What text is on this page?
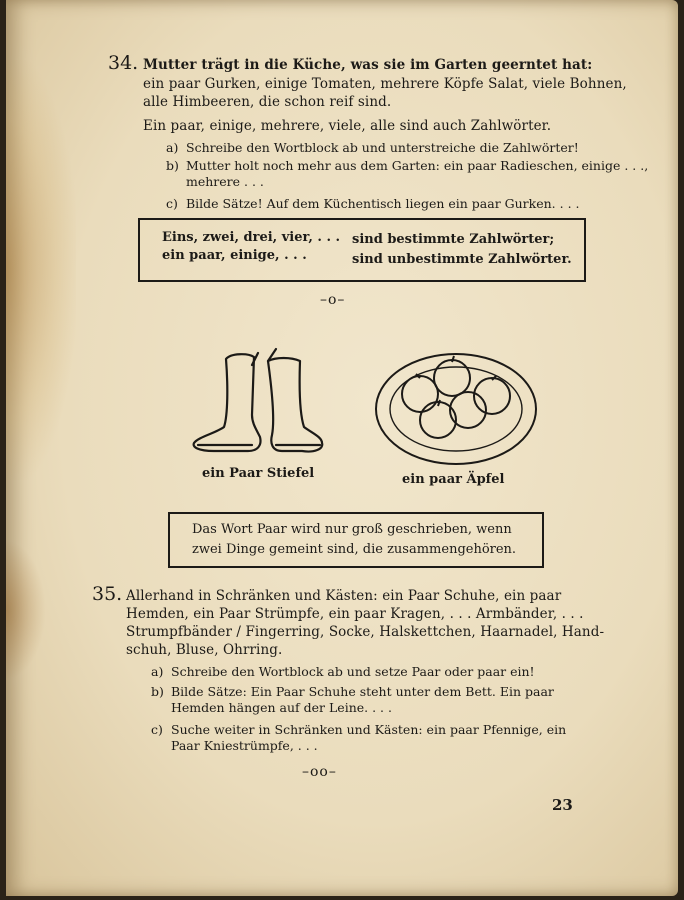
34. Mutter trägt in die Küche, was sie im Garten geerntet hat:
ein paar Gurken, einige Tomaten, mehrere Köpfe Salat, viele Bohnen,
alle Himbeeren, die schon reif sind.
Ein paar, einige, mehrere, viele, alle sind auch Zahlwörter.
a) Schreibe den Wortblock ab und unterstreiche die Zahlwörter!
b) Mutter holt noch mehr aus dem Garten: ein paar Radieschen, einige . . .,
mehrere . . .
c) Bilde Sätze! Auf dem Küchentisch liegen ein paar Gurken. . . .
Eins, zwei, drei, vier, . . . sind bestimmte Zahlwörter;
ein paar, einige, . . .	sind unbestimmte Zahlwörter.
–o–
ein Paar Stiefel	ein paar Äpfel
Das Wort Paar wird nur groß geschrieben, wenn
zwei Dinge gemeint sind, die zusammengehören.
35. Allerhand in Schränken und Kästen: ein Paar Schuhe, ein paar
Hemden, ein Paar Strümpfe, ein paar Kragen, . . . Armbänder, . . .
Strumpfbänder / Fingerring, Socke, Halskettchen, Haarnadel, Hand-
schuh, Bluse, Ohrring.
a) Schreibe den Wortblock ab und setze Paar oder paar ein!
b) Bilde Sätze: Ein Paar Schuhe steht unter dem Bett. Ein paar
Hemden hängen auf der Leine. . . .
c) Suche weiter in Schränken und Kästen: ein paar Pfennige, ein
Paar Kniestrümpfe, . . .
–oo–
23
